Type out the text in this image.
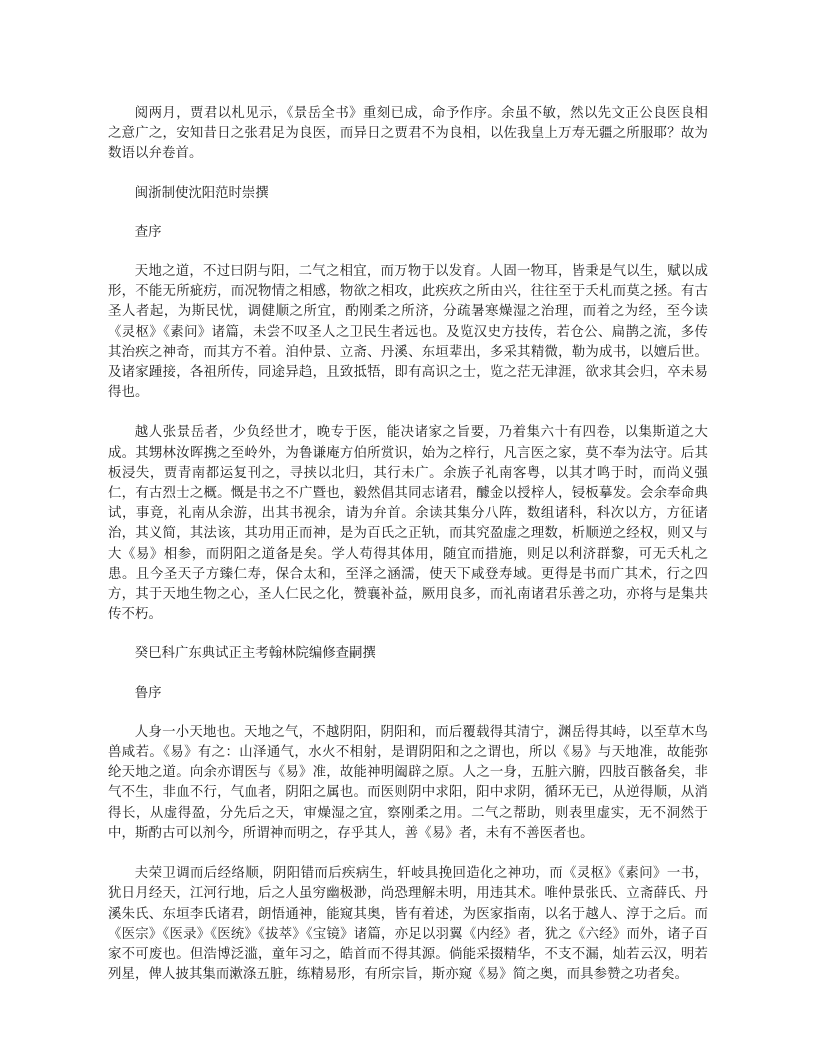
阅两月，贾君以札见示，《景岳全书》重刻已成，命予作序。余虽不敏，然以先文正公良医良相之意广之，安知昔日之张君足为良医，而异日之贾君不为良相，以佐我皇上万寿无疆之所服耶？故为数语以弁卷首。

闽浙制使沈阳范时崇撰

查序

天地之道，不过曰阴与阳，二气之相宜，而万物于以发育。人固一物耳，皆秉是气以生，赋以成形，不能无所疵疠，而况物情之相感，物欲之相攻，此疾疚之所由兴，往往至于夭札而莫之拯。有古圣人者起，为斯民忧，调健顺之所宜，酌刚柔之所济，分疏暑寒燥湿之治理，而着之为经，至今读《灵枢》《素问》诸篇，未尝不叹圣人之卫民生者远也。及览汉史方技传，若仓公、扁鹊之流，多传其治疾之神奇，而其方不着。洎仲景、立斋、丹溪、东垣辈出，多采其精微，勒为成书，以嬗后世。及诸家踵接，各祖所传，同途异趋，且致抵牾，即有高识之士，览之茫无津涯，欲求其会归，卒未易得也。

越人张景岳者，少负经世才，晚专于医，能决诸家之旨要，乃着集六十有四卷，以集斯道之大成。其甥林汝晖携之至岭外，为鲁谦庵方伯所赏识，始为之梓行，凡言医之家，莫不奉为法守。后其板浸失，贾青南都运复刊之，寻挟以北归，其行未广。余族子礼南客粤，以其才鸣于时，而尚义强仁，有古烈士之概。慨是书之不广暨也，毅然倡其同志诸君，醵金以授梓人，锓板摹发。会余奉命典试，事竟，礼南从余游，出其书视余，请为弁首。余读其集分八阵，数组诸科，科次以方，方征诸治，其义简，其法该，其功用正而神，是为百氏之正轨，而其究盈虚之理数，析顺逆之经权，则又与大《易》相参，而阴阳之道备是矣。学人苟得其体用，随宜而措施，则足以利济群黎，可无夭札之患。且今圣天子方臻仁寿，保合太和，至泽之涵濡，使天下咸登寿域。更得是书而广其术，行之四方，其于天地生物之心，圣人仁民之化，赞襄补益，厥用良多，而礼南诸君乐善之功，亦将与是集共传不朽。

癸巳科广东典试正主考翰林院编修查嗣撰

鲁序

人身一小天地也。天地之气，不越阴阳，阴阳和，而后覆载得其清宁，渊岳得其峙，以至草木鸟兽咸若。《易》有之：山泽通气，水火不相射，是谓阴阳和之之谓也，所以《易》与天地准，故能弥纶天地之道。向余亦谓医与《易》准，故能神明阖辟之原。人之一身，五脏六腑，四肢百骸备矣，非气不生，非血不行，气血者，阴阳之属也。而医则阴中求阳，阳中求阴，循环无已，从逆得顺，从消得长，从虚得盈，分先后之天，审燥湿之宜，察刚柔之用。二气之帮助，则表里虚实，无不洞然于中，斯酌古可以剂今，所谓神而明之，存乎其人，善《易》者，未有不善医者也。

夫荣卫调而后经络顺，阴阳错而后疾病生，轩岐具挽回造化之神功，而《灵枢》《素问》一书，犹日月经天，江河行地，后之人虽穷幽极渺，尚恐理解未明，用违其术。唯仲景张氏、立斋薛氏、丹溪朱氏、东垣李氏诸君，朗悟通神，能窥其奥，皆有着述，为医家指南，以名于越人、淳于之后。而《医宗》《医录》《医统》《拔萃》《宝镜》诸篇，亦足以羽翼《内经》者，犹之《六经》而外，诸子百家不可废也。但浩博泛滥，童年习之，皓首而不得其源。倘能采掇精华，不支不漏，灿若云汉，明若列星，俾人披其集而漱涤五脏，练精易形，有所宗旨，斯亦窥《易》简之奥，而具参赞之功者矣。
